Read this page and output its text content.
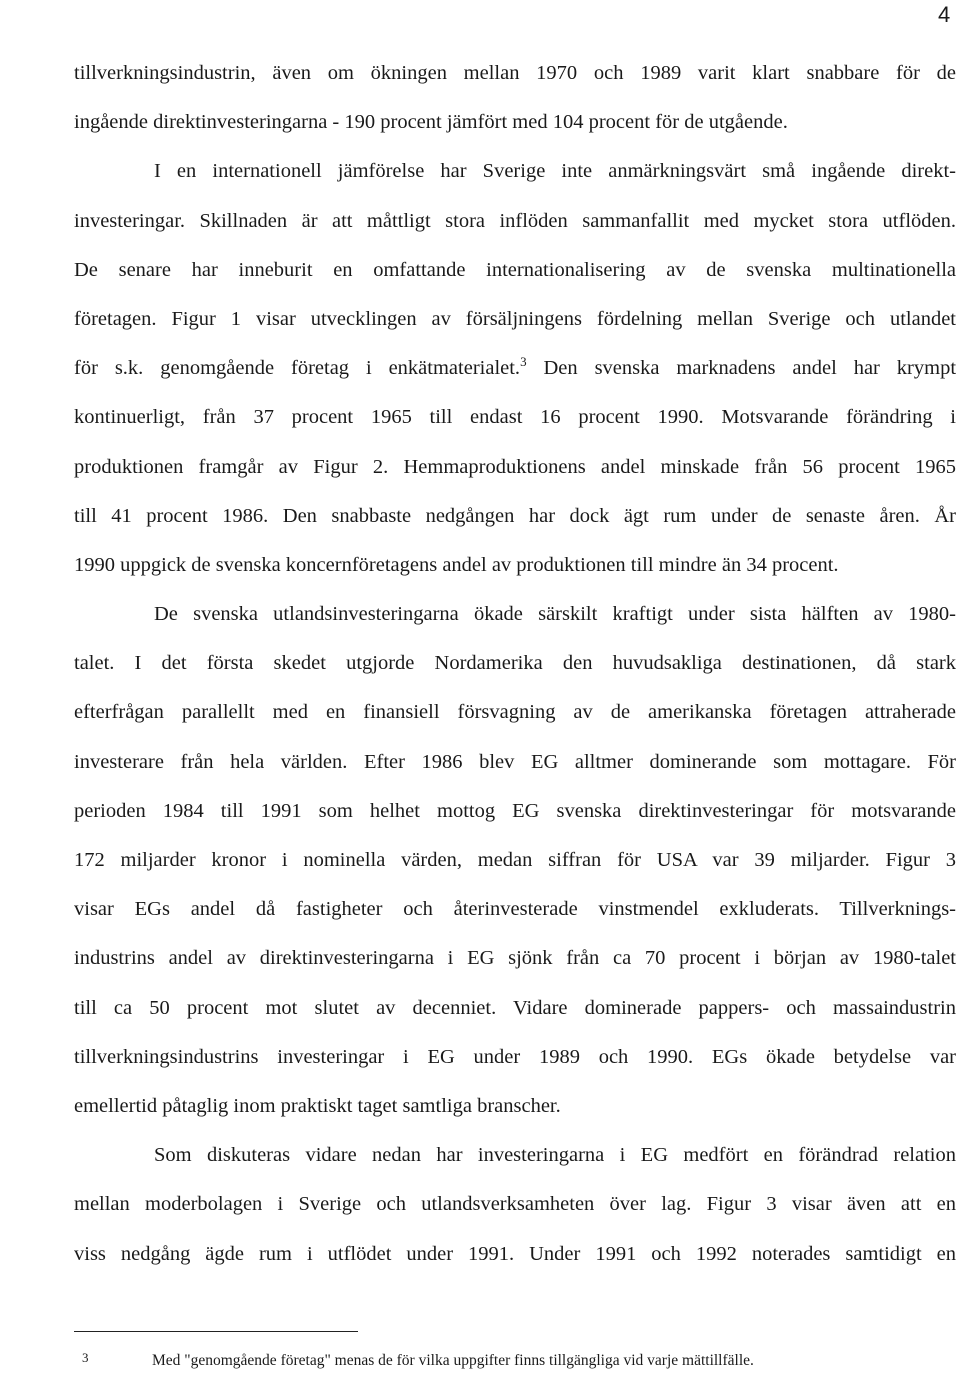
4
tillverkningsindustrin, även om ökningen mellan 1970 och 1989 varit klart snabbare för de
ingående direktinvesteringarna - 190 procent jämfört med 104 procent för de utgående.
I en internationell jämförelse har Sverige inte anmärkningsvärt små ingående direkt-
investeringar. Skillnaden är att måttligt stora inflöden sammanfallit med mycket stora utflöden.
De senare har inneburit en omfattande internationalisering av de svenska multinationella
företagen. Figur 1 visar utvecklingen av försäljningens fördelning mellan Sverige och utlandet
för s.k. genomgående företag i enkätmaterialet.$^3$ Den svenska marknadens andel har krympt
kontinuerligt, från 37 procent 1965 till endast 16 procent 1990. Motsvarande förändring i
produktionen framgår av Figur 2. Hemmaproduktionens andel minskade från 56 procent 1965
till 41 procent 1986. Den snabbaste nedgången har dock ägt rum under de senaste åren. År
1990 uppgick de svenska koncernföretagens andel av produktionen till mindre än 34 procent.
De svenska utlandsinvesteringarna ökade särskilt kraftigt under sista hälften av 1980-
talet. I det första skedet utgjorde Nordamerika den huvudsakliga destinationen, då stark
efterfrågan parallellt med en finansiell försvagning av de amerikanska företagen attraherade
investerare från hela världen. Efter 1986 blev EG alltmer dominerande som mottagare. För
perioden 1984 till 1991 som helhet mottog EG svenska direktinvesteringar för motsvarande
172 miljarder kronor i nominella värden, medan siffran för USA var 39 miljarder. Figur 3
visar EGs andel då fastigheter och återinvesterade vinstmendel exkluderats. Tillverknings-
industrins andel av direktinvesteringarna i EG sjönk från ca 70 procent i början av 1980-talet
till ca 50 procent mot slutet av decenniet. Vidare dominerade pappers- och massaindustrin
tillverkningsindustrins investeringar i EG under 1989 och 1990. EGs ökade betydelse var
emellertid påtaglig inom praktiskt taget samtliga branscher.
Som diskuteras vidare nedan har investeringarna i EG medfört en förändrad relation
mellan moderbolagen i Sverige och utlandsverksamheten över lag. Figur 3 visar även att en
viss nedgång ägde rum i utflödet under 1991. Under 1991 och 1992 noterades samtidigt en
3	Med "genomgående företag" menas de för vilka uppgifter finns tillgängliga vid varje mättillfälle.
